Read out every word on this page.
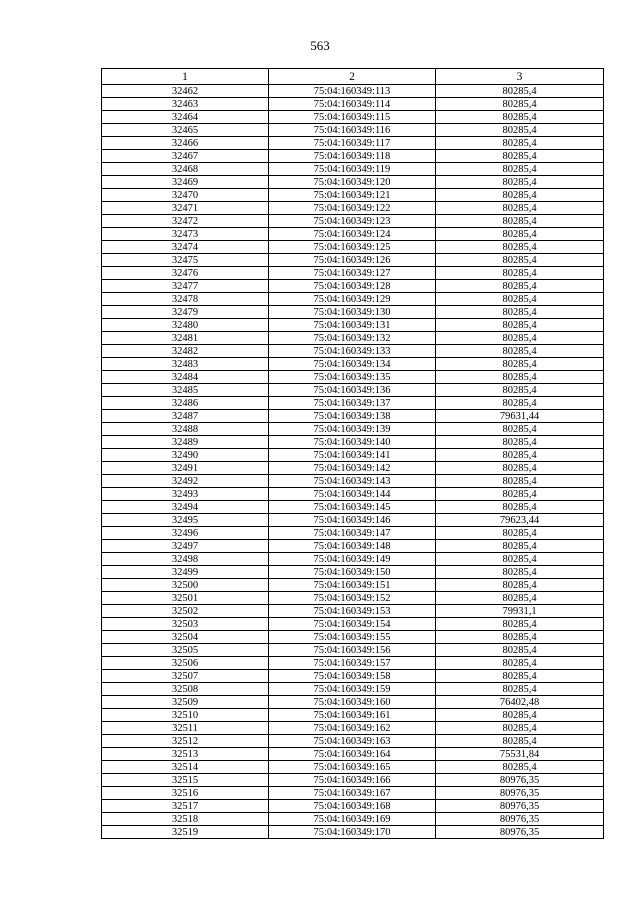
563
1	2	3
32462	75:04:160349:113	80285,4
32463	75:04:160349:114	80285,4
32464	75:04:160349:115	80285,4
32465	75:04:160349:116	80285,4
32466	75:04:160349:117	80285,4
32467	75:04:160349:118	80285,4
32468	75:04:160349:119	80285,4
32469	75:04:160349:120	80285,4
32470	75:04:160349:121	80285,4
32471	75:04:160349:122	80285,4
32472	75:04:160349:123	80285,4
32473	75:04:160349:124	80285,4
32474	75:04:160349:125	80285,4
32475	75:04:160349:126	80285,4
32476	75:04:160349:127	80285,4
32477	75:04:160349:128	80285,4
32478	75:04:160349:129	80285,4
32479	75:04:160349:130	80285,4
32480	75:04:160349:131	80285,4
32481	75:04:160349:132	80285,4
32482	75:04:160349:133	80285,4
32483	75:04:160349:134	80285,4
32484	75:04:160349:135	80285,4
32485	75:04:160349:136	80285,4
32486	75:04:160349:137	80285,4
32487	75:04:160349:138	79631,44
32488	75:04:160349:139	80285,4
32489	75:04:160349:140	80285,4
32490	75:04:160349:141	80285,4
32491	75:04:160349:142	80285,4
32492	75:04:160349:143	80285,4
32493	75:04:160349:144	80285,4
32494	75:04:160349:145	80285,4
32495	75:04:160349:146	79623,44
32496	75:04:160349:147	80285,4
32497	75:04:160349:148	80285,4
32498	75:04:160349:149	80285,4
32499	75:04:160349:150	80285,4
32500	75:04:160349:151	80285,4
32501	75:04:160349:152	80285,4
32502	75:04:160349:153	79931,1
32503	75:04:160349:154	80285,4
32504	75:04:160349:155	80285,4
32505	75:04:160349:156	80285,4
32506	75:04:160349:157	80285,4
32507	75:04:160349:158	80285,4
32508	75:04:160349:159	80285,4
32509	75:04:160349:160	76402,48
32510	75:04:160349:161	80285,4
32511	75:04:160349:162	80285,4
32512	75:04:160349:163	80285,4
32513	75:04:160349:164	75531,84
32514	75:04:160349:165	80285,4
32515	75:04:160349:166	80976,35
32516	75:04:160349:167	80976,35
32517	75:04:160349:168	80976,35
32518	75:04:160349:169	80976,35
32519	75:04:160349:170	80976,35
